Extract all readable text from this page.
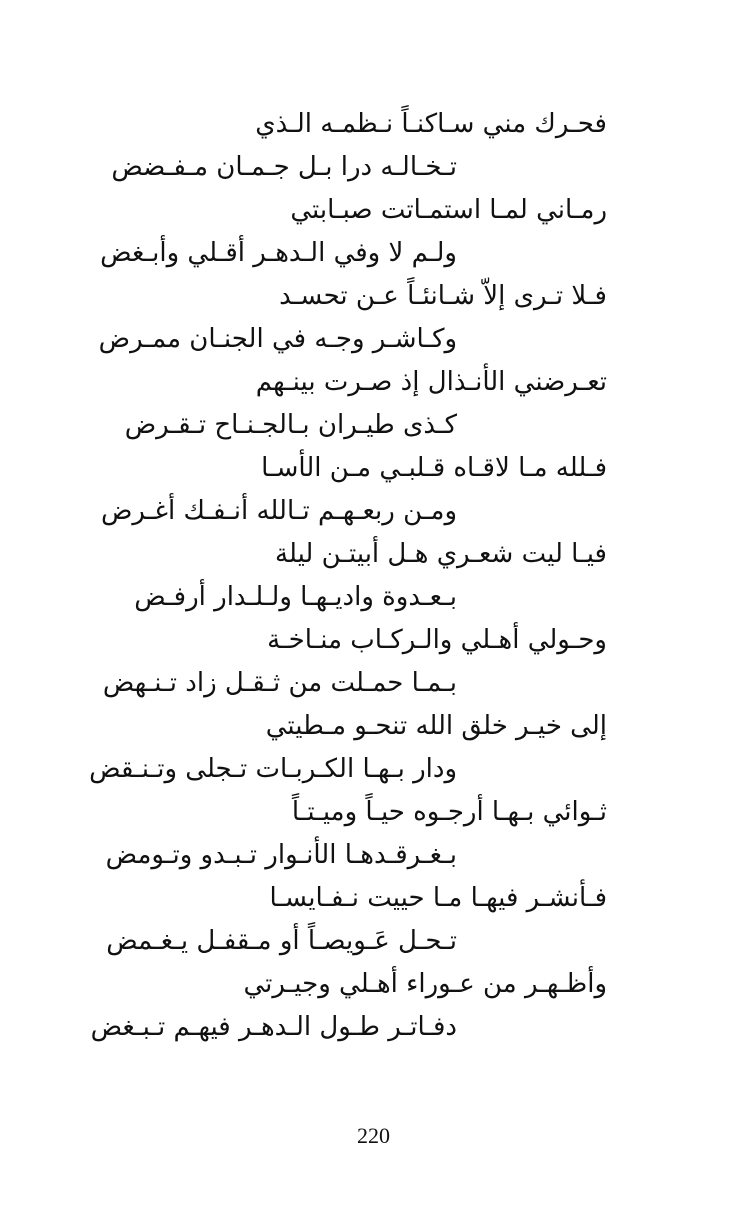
فحـرك مني سـاكنـاً نـظمـه الـذي
تـخـالـه درا بـل جـمـان مـفـضض
رمـاني لمـا استمـاتت صبـابتي
ولـم لا وفي الـدهـر أقـلي وأبـغض
فـلا تـرى إلاّ شـانئـاً عـن تحسـد
وكـاشـر وجـه في الجنـان ممـرض
تعـرضني الأنـذال إذ صـرت بينـهم
كـذى طيـران بـالجـنـاح تـقـرض
فـلله مـا لاقـاه قـلبـي مـن الأسـا
ومـن ربعـهـم تـالله أنـفـك أغـرض
فيـا ليت شعـري هـل أبيتـن ليلة
بـعـدوة واديـهـا ولـلـدار أرفـض
وحـولي أهـلي والـركـاب منـاخـة
بـمـا حمـلت من ثـقـل زاد تـنـهض
إلى خيـر خلق الله تنحـو مـطيتي
ودار بـهـا الكـربـات تـجلى وتـنـقض
ثـوائي بـهـا أرجـوه حيـاً وميـتـاً
بـغـرقـدهـا الأنـوار تـبـدو وتـومض
فـأنشـر فيهـا مـا حييت نـفـايسـا
تـحـل عَـويصـاً أو مـقفـل يـغـمض
وأظـهـر من عـوراء أهـلي وجيـرتي
دفـاتـر طـول الـدهـر فيهـم تـبـغض
220
